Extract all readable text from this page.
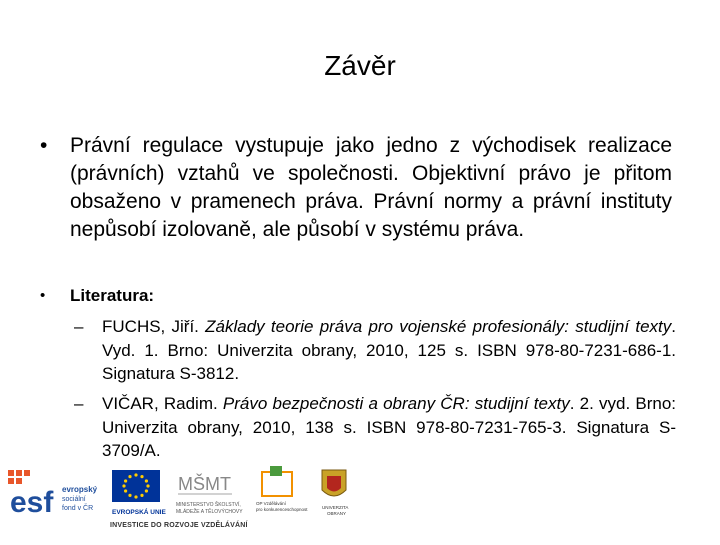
Závěr
•	Právní regulace vystupuje jako jedno z východisek realizace (právních) vztahů ve společnosti. Objektivní právo je přitom obsaženo v pramenech práva. Právní normy a právní instituty nepůsobí izolovaně, ale působí v systému práva.
•	Literatura:
–	FUCHS, Jiří. Základy teorie práva pro vojenské profesionály: studijní texty. Vyd. 1. Brno: Univerzita obrany, 2010, 125 s. ISBN 978-80-7231-686-1. Signatura S-3812.
–	VIČAR, Radim. Právo bezpečnosti a obrany ČR: studijní texty. 2. vyd. Brno: Univerzita obrany, 2010, 138 s. ISBN 978-80-7231-765-3. Signatura S-3709/A.
esf evropský
sociální
fond v ČR
EVROPSKÁ UNIE
MŠMT
MINISTERSTVO ŠKOLSTVÍ,
MLÁDEŽE A TĚLOVÝCHOVY
OP Vzdělávání
pro konkurenceschopnost	UNIVERZITA
OBRANY
INVESTICE DO ROZVOJE VZDĚLÁVÁNÍ
